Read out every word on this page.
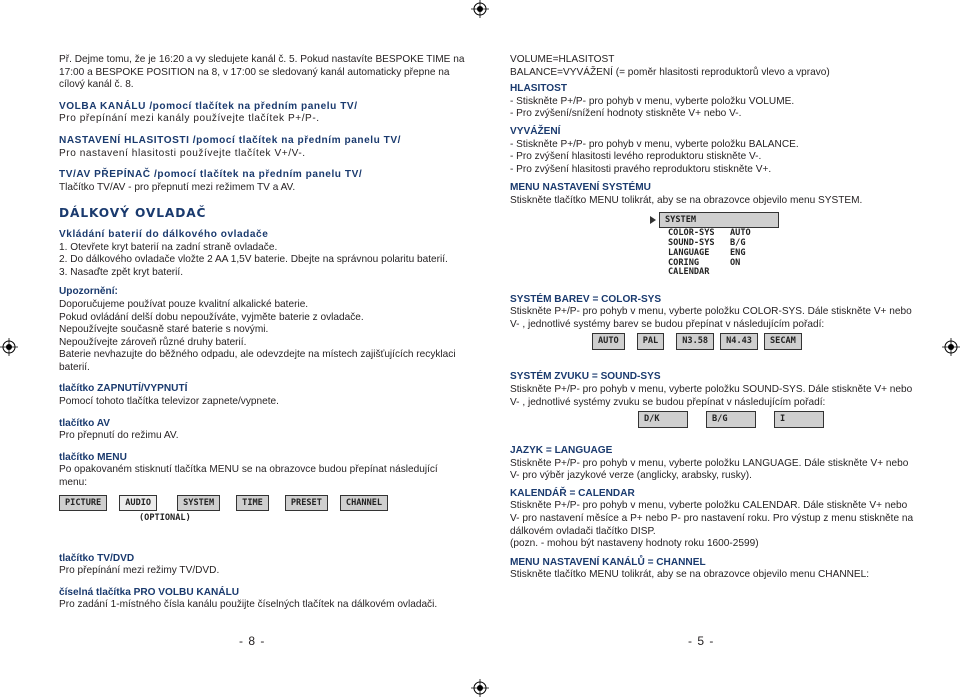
Př. Dejme tomu, že je 16:20 a vy sledujete kanál č. 5. Pokud nastavíte BESPOKE TIME na
17:00 a BESPOKE POSITION na 8, v 17:00 se sledovaný kanál automaticky přepne na
cílový kanál č. 8.
VOLBA KANÁLU /pomocí tlačítek na předním panelu TV/
Pro přepínání mezi kanály používejte tlačítek P+/P-.
NASTAVENÍ HLASITOSTI /pomocí tlačítek na předním panelu TV/
Pro nastavení hlasitosti používejte tlačítek V+/V-.
TV/AV PŘEPÍNAČ /pomocí tlačítek na předním panelu TV/
Tlačítko TV/AV - pro přepnutí mezi režimem TV a AV.
DÁLKOVÝ OVLADAČ
Vkládání baterií do dálkového ovladače
1. Otevřete kryt baterií na zadní straně ovladače.
2. Do dálkového ovladače vložte 2 AA 1,5V baterie. Dbejte na správnou polaritu baterií.
3. Nasaďte zpět kryt baterií.
Upozornění:
Doporučujeme používat pouze kvalitní alkalické baterie.
Pokud ovládání delší dobu nepoužíváte, vyjměte baterie z ovladače.
Nepoužívejte současně staré baterie s novými.
Nepoužívejte zároveň různé druhy baterií.
Baterie nevhazujte do běžného odpadu, ale odevzdejte na místech zajišťujících recyklaci
baterií.
tlačítko ZAPNUTÍ/VYPNUTÍ
Pomocí tohoto tlačítka televizor zapnete/vypnete.
tlačítko AV
Pro přepnutí do režimu AV.
tlačítko MENU
Po opakovaném stisknutí tlačítka MENU se na obrazovce budou přepínat následující
menu:
PICTURE	AUDIO	SYSTEM	TIME	PRESET	CHANNEL
(OPTIONAL)
tlačítko TV/DVD
Pro přepínání mezi režimy TV/DVD.
číselná tlačítka PRO VOLBU KANÁLU
Pro zadání 1-místného čísla kanálu použijte číselných tlačítek na dálkovém ovladači.
- 8 -
VOLUME=HLASITOST
BALANCE=VYVÁŽENÍ (= poměr hlasitosti reproduktorů vlevo a vpravo)
HLASITOST
- Stiskněte P+/P- pro pohyb v menu, vyberte položku VOLUME.
- Pro zvýšení/snížení hodnoty stiskněte V+ nebo V-.
VYVÁŽENÍ
- Stiskněte P+/P- pro pohyb v menu, vyberte položku BALANCE.
- Pro zvýšení hlasitosti levého reproduktoru stiskněte V-.
- Pro zvýšení hlasitosti pravého reproduktoru stiskněte V+.
MENU NASTAVENÍ SYSTÉMU
Stiskněte tlačítko MENU tolikrát, aby se na obrazovce objevilo menu SYSTEM.
SYSTEM
COLOR-SYS	AUTO
SOUND-SYS	B/G
LANGUAGE	ENG
CORING	ON
CALENDAR
SYSTÉM BAREV = COLOR-SYS
Stiskněte P+/P- pro pohyb v menu, vyberte položku COLOR-SYS. Dále stiskněte V+ nebo
V- , jednotlivé systémy barev se budou přepínat v následujícím pořadí:
AUTO	PAL	N3.58	N4.43	SECAM
SYSTÉM ZVUKU = SOUND-SYS
Stiskněte P+/P- pro pohyb v menu, vyberte položku SOUND-SYS. Dále stiskněte V+ nebo
V- , jednotlivé systémy zvuku se budou přepínat v následujícím pořadí:
D/K	B/G	I
JAZYK = LANGUAGE
Stiskněte P+/P- pro pohyb v menu, vyberte položku LANGUAGE. Dále stiskněte V+ nebo
V- pro výběr jazykové verze (anglicky, arabsky, rusky).
KALENDÁŘ = CALENDAR
Stiskněte P+/P- pro pohyb v menu, vyberte položku CALENDAR. Dále stiskněte V+ nebo
V- pro nastavení měsíce a P+ nebo P- pro nastavení roku. Pro výstup z menu stiskněte na
dálkovém ovladači tlačítko DISP.
(pozn. - mohou být nastaveny hodnoty roku 1600-2599)
MENU NASTAVENÍ KANÁLŮ = CHANNEL
Stiskněte tlačítko MENU tolikrát, aby se na obrazovce objevilo menu CHANNEL:
- 5 -
